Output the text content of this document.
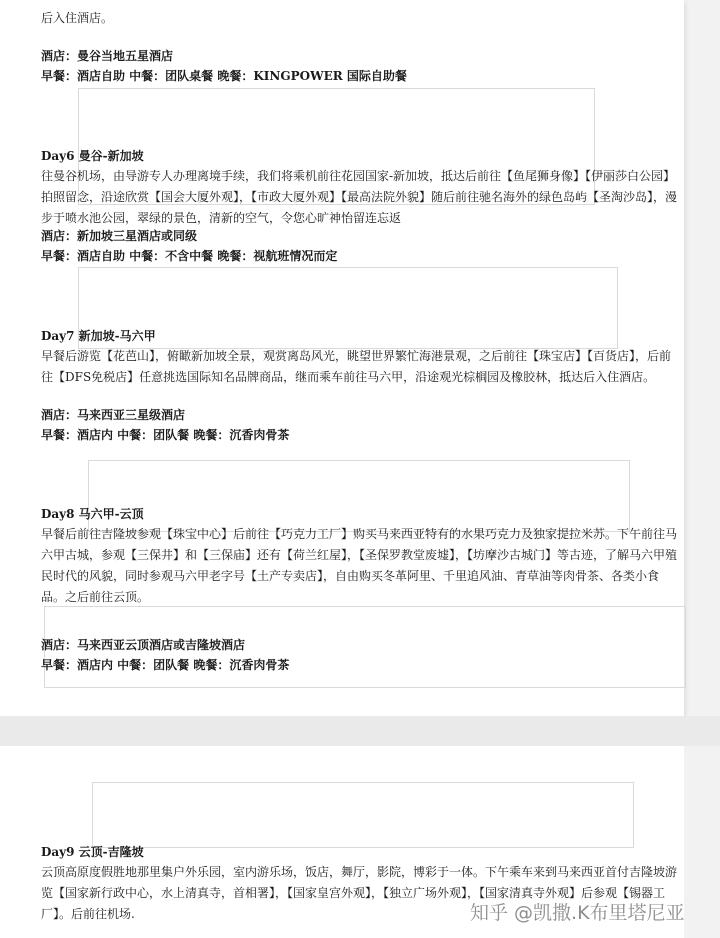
后入住酒店。
酒店：曼谷当地五星酒店
早餐：酒店自助 中餐：团队桌餐 晚餐：KINGPOWER 国际自助餐
Day6 曼谷-新加坡
往曼谷机场，由导游专人办理离境手续，我们将乘机前往花园国家-新加坡，抵达后前往【鱼尾狮身像】【伊丽莎白公园】拍照留念，沿途欣赏【国会大厦外观】，【市政大厦外观】【最高法院外貌】随后前往驰名海外的绿色岛屿【圣淘沙岛】，漫步于喷水池公园，翠绿的景色，清新的空气，令您心旷神怡留连忘返
酒店：新加坡三星酒店或同级
早餐：酒店自助 中餐：不含中餐 晚餐：视航班情况而定
Day7 新加坡-马六甲
早餐后游览【花芭山】，俯瞰新加坡全景，观赏离岛风光，眺望世界繁忙海港景观，之后前往【珠宝店】【百货店】，后前往【DFS免税店】任意挑选国际知名品牌商品，继而乘车前往马六甲，沿途观光棕榈园及橡胶林，抵达后入住酒店。
酒店：马来西亚三星级酒店
早餐：酒店内 中餐：团队餐 晚餐：沉香肉骨茶
Day8 马六甲-云顶
早餐后前往吉隆坡参观【珠宝中心】后前往【巧克力工厂】购买马来西亚特有的水果巧克力及独家提拉米苏。下午前往马六甲古城，参观【三保井】和【三保庙】还有【荷兰红屋】，【圣保罗教堂废墟】，【坊摩沙古城门】等古迹，了解马六甲殖民时代的风貌，同时参观马六甲老字号【土产专卖店】，自由购买冬革阿里、千里追风油、青草油等肉骨茶、各类小食品。之后前往云顶。
酒店：马来西亚云顶酒店或吉隆坡酒店
早餐：酒店内 中餐：团队餐 晚餐：沉香肉骨茶
Day9 云顶-吉隆坡
云顶高原度假胜地那里集户外乐园，室内游乐场，饭店，舞厅，影院，博彩于一体。下午乘车来到马来西亚首付吉隆坡游览【国家新行政中心，水上清真寺，首相署】，【国家皇宫外观】，【独立广场外观】，【国家清真寺外观】后参观【锡器工厂】。后前往机场.	知乎 @凯撒.K布里塔尼亚
